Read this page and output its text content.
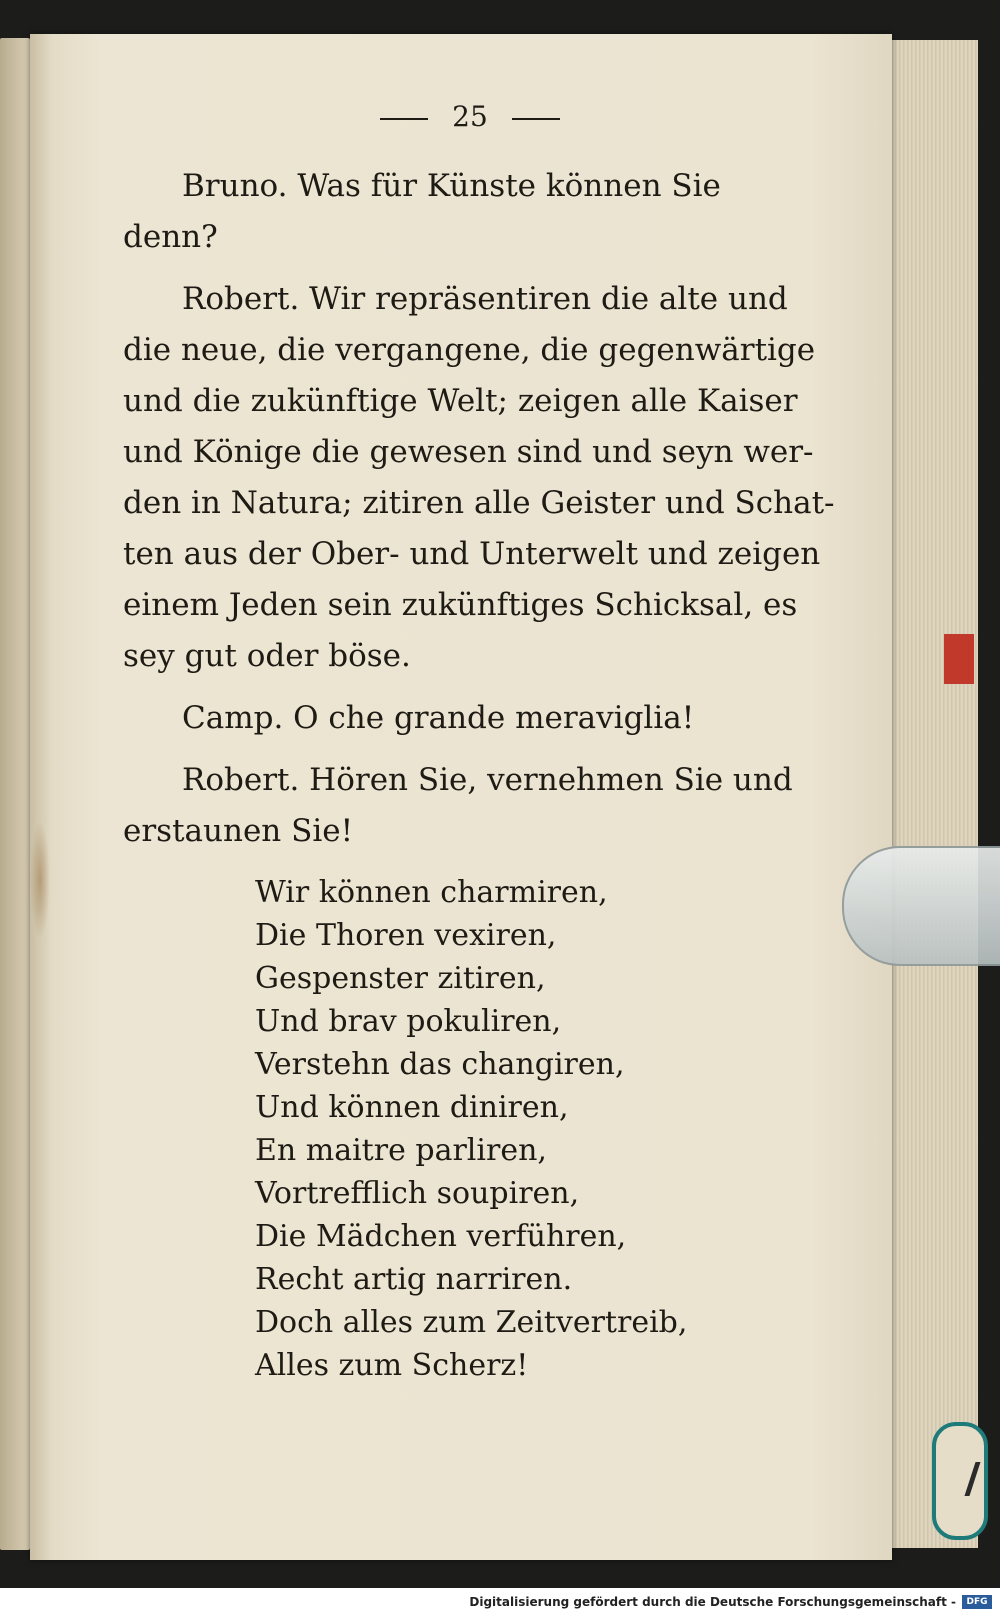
25
Bruno. Was für Künste können Sie
denn?
Robert. Wir repräsentiren die alte und
die neue, die vergangene, die gegenwärtige
und die zukünftige Welt; zeigen alle Kaiser
und Könige die gewesen sind und seyn wer-
den in Natura; zitiren alle Geister und Schat-
ten aus der Ober- und Unterwelt und zeigen
einem Jeden sein zukünftiges Schicksal, es
sey gut oder böse.
Camp. O che grande meraviglia!
Robert. Hören Sie, vernehmen Sie und
erstaunen Sie!
Wir können charmiren,
Die Thoren vexiren,
Gespenster zitiren,
Und brav pokuliren,
Verstehn das changiren,
Und können diniren,
En maitre parliren,
Vortrefflich soupiren,
Die Mädchen verführen,
Recht artig narriren.
Doch alles zum Zeitvertreib,
Alles zum Scherz!
Digitalisierung gefördert durch die Deutsche Forschungsgemeinschaft -	DFG
